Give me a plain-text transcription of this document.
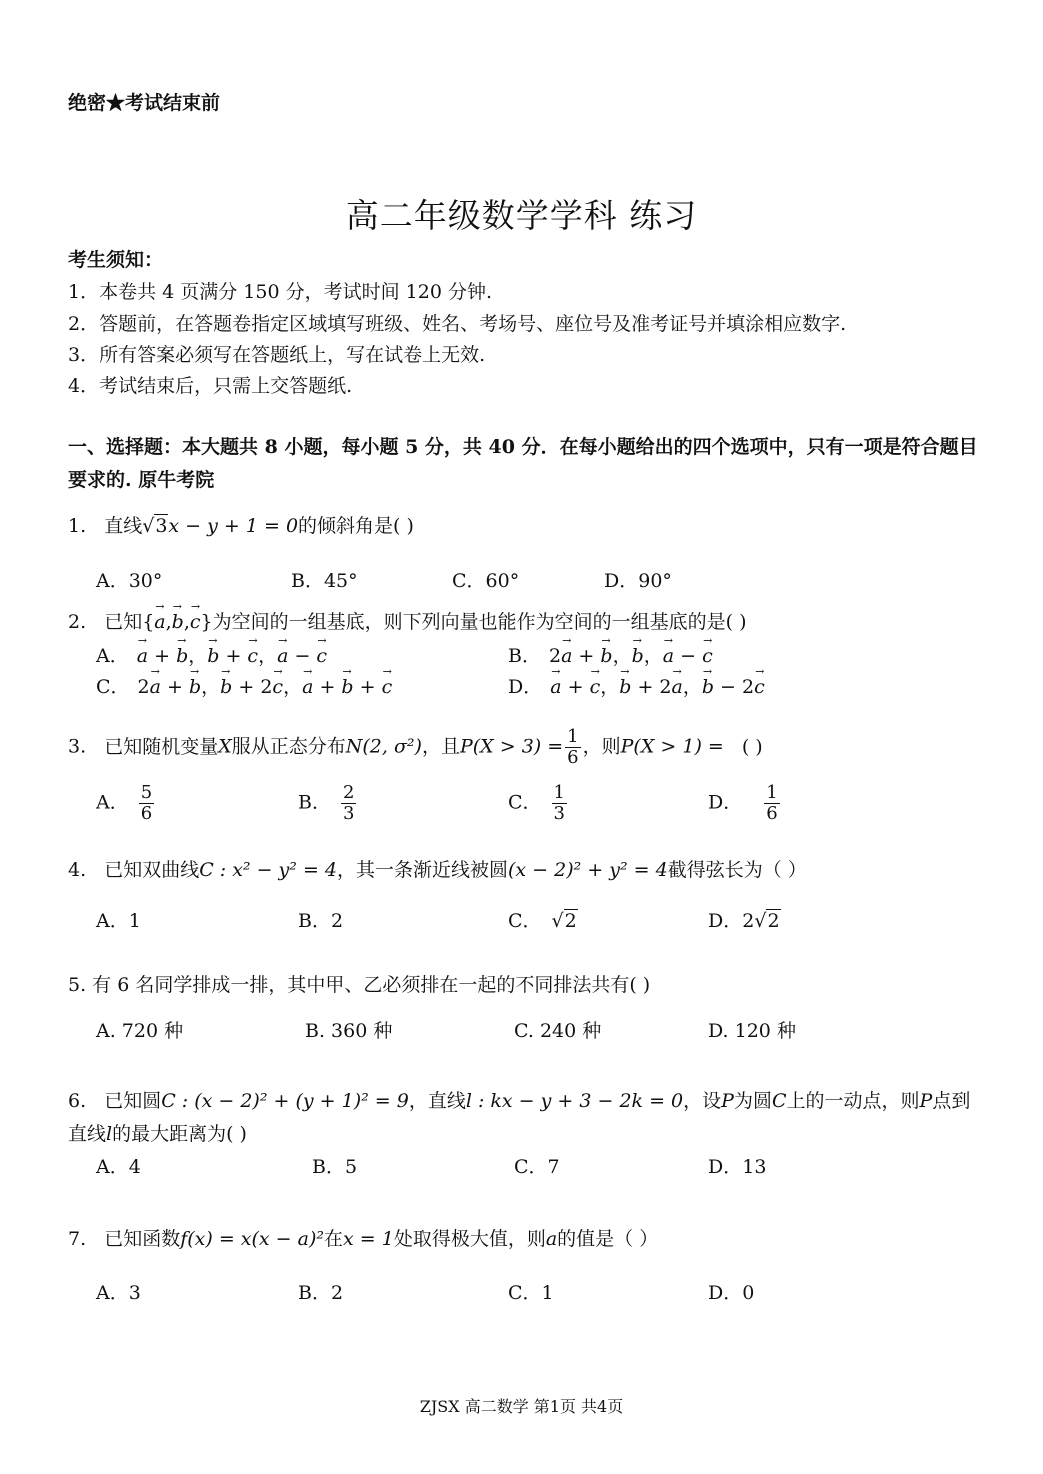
绝密★考试结束前
高二年级数学学科 练习
考生须知：
1．本卷共 4 页满分 150 分，考试时间 120 分钟.
2．答题前，在答题卷指定区域填写班级、姓名、考场号、座位号及准考证号并填涂相应数字.
3．所有答案必须写在答题纸上，写在试卷上无效.
4．考试结束后，只需上交答题纸.
一、选择题：本大题共 8 小题，每小题 5 分，共 40 分．在每小题给出的四个选项中，只有一项是符合题目要求的. 原牛考院
1. 直线√3x − y + 1 = 0的倾斜角是( )
A．30°	B．45°	C．60°	D．90°
2. 已知{→ a,→ b,→ c}为空间的一组基底，则下列向量也能作为空间的一组基底的是( )
A． → a + → b，→ b + → c，→ a − → c	B． 2→ a + → b，→ b，→ a − → c
C． 2→ a + → b，→ b + 2→ c，→ a + → b + → c	D． → a + → c，→ b + 2→ a，→ b − 2→ c
3. 已知随机变量X服从正态分布N(2, σ²)，且$P(X > 3) = \frac{1}{6}$ ，则P(X > 1) = ( )
A． $\frac{5}{6}$	B． $\frac{2}{3}$	C． $\frac{1}{3}$	D． $\frac{1}{6}$
4. 已知双曲线C : x² − y² = 4，其一条渐近线被圆(x − 2)² + y² = 4截得弦长为（ ）
A．1	B．2	C． √2	D．2√2
5. 有 6 名同学排成一排，其中甲、乙必须排在一起的不同排法共有( )
A. 720 种	B. 360 种	C. 240 种	D. 120 种
6. 已知圆C : (x − 2)² + (y + 1)² = 9，直线l : kx − y + 3 − 2k = 0，设P为圆C上的一动点，则P点到直线l的最大距离为( )
A．4	B．5	C．7	D．13
7. 已知函数f(x) = x(x − a)²在x = 1处取得极大值，则a的值是（ ）
A．3	B．2	C．1	D．0
ZJSX 高二数学 第1页 共4页
